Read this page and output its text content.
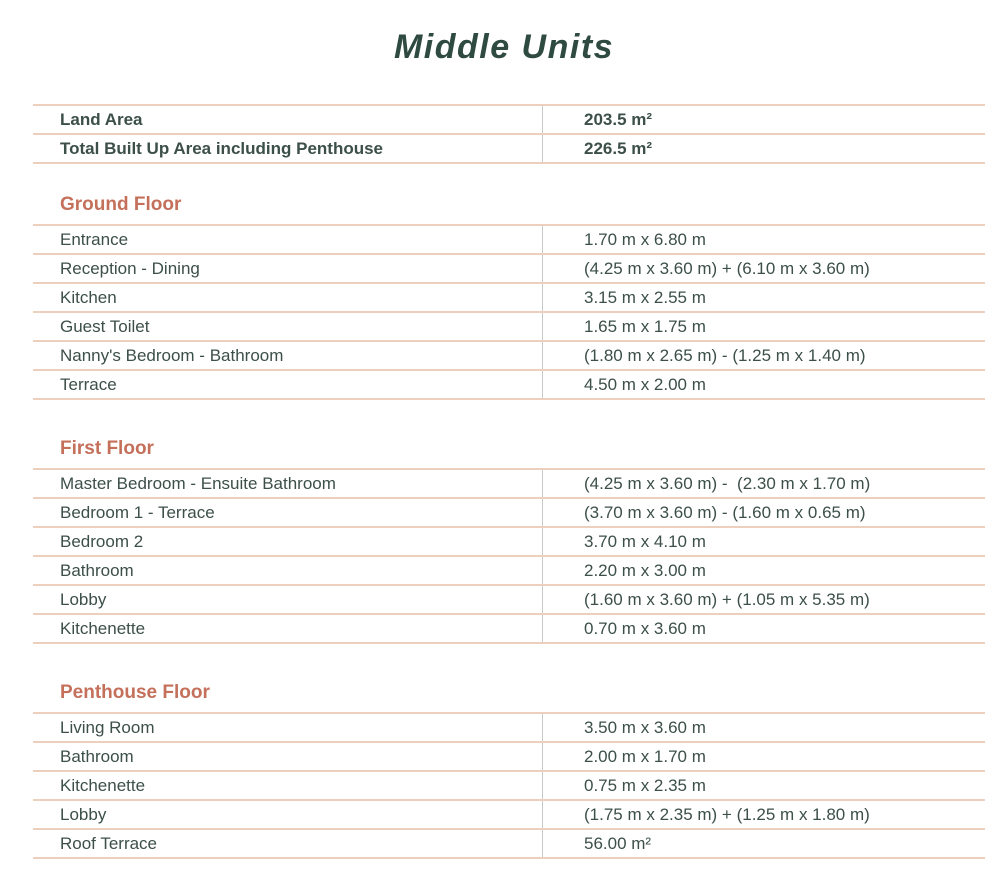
Middle Units
Land Area	203.5 m²
Total Built Up Area including Penthouse	226.5 m²
Ground Floor
Entrance	1.70 m x 6.80 m
Reception - Dining	(4.25 m x 3.60 m) + (6.10 m x 3.60 m)
Kitchen	3.15 m x 2.55 m
Guest Toilet	1.65 m x 1.75 m
Nanny's Bedroom - Bathroom	(1.80 m x 2.65 m) - (1.25 m x 1.40 m)
Terrace	4.50 m x 2.00 m
First Floor
Master Bedroom - Ensuite Bathroom	(4.25 m x 3.60 m) -  (2.30 m x 1.70 m)
Bedroom 1 - Terrace	(3.70 m x 3.60 m) - (1.60 m x 0.65 m)
Bedroom 2	3.70 m x 4.10 m
Bathroom	2.20 m x 3.00 m
Lobby	(1.60 m x 3.60 m) + (1.05 m x 5.35 m)
Kitchenette	0.70 m x 3.60 m
Penthouse Floor
Living Room	3.50 m x 3.60 m
Bathroom	2.00 m x 1.70 m
Kitchenette	0.75 m x 2.35 m
Lobby	(1.75 m x 2.35 m) + (1.25 m x 1.80 m)
Roof Terrace	56.00 m²
